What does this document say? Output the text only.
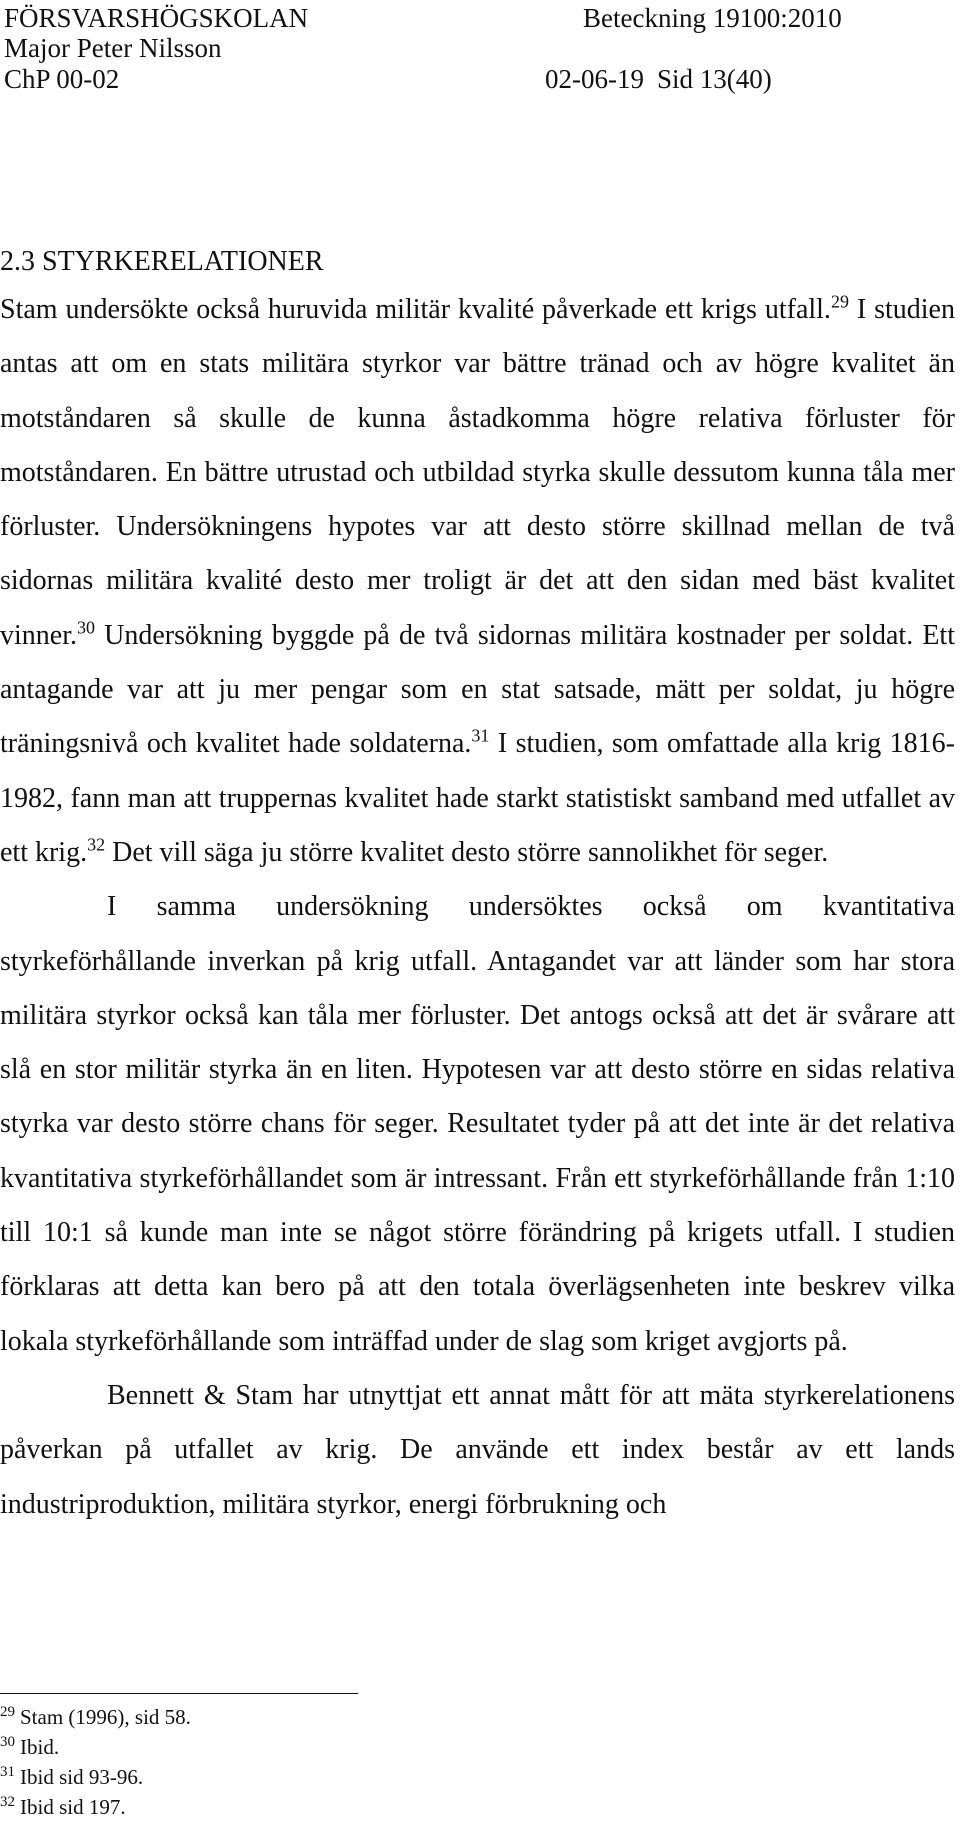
FÖRSVARSHÖGSKOLAN	Beteckning 19100:2010
Major Peter Nilsson
ChP 00-02	02-06-19 Sid 13(40)
2.3 STYRKERELATIONER

Stam undersökte också huruvida militär kvalité påverkade ett krigs utfall.$^{29}$ I studien antas att om en stats militära styrkor var bättre tränad och av högre kvalitet än motståndaren så skulle de kunna åstadkomma högre relativa förluster för motståndaren. En bättre utrustad och utbildad styrka skulle dessutom kunna tåla mer förluster. Undersökningens hypotes var att desto större skillnad mellan de två sidornas militära kvalité desto mer troligt är det att den sidan med bäst kvalitet vinner.$^{30}$ Undersökning byggde på de två sidornas militära kostnader per soldat. Ett antagande var att ju mer pengar som en stat satsade, mätt per soldat, ju högre träningsnivå och kvalitet hade soldaterna.$^{31}$ I studien, som omfattade alla krig 1816-1982, fann man att truppernas kvalitet hade starkt statistiskt samband med utfallet av ett krig.$^{32}$ Det vill säga ju större kvalitet desto större sannolikhet för seger.

I samma undersökning undersöktes också om kvantitativa styrkeförhållande inverkan på krig utfall. Antagandet var att länder som har stora militära styrkor också kan tåla mer förluster. Det antogs också att det är svårare att slå en stor militär styrka än en liten. Hypotesen var att desto större en sidas relativa styrka var desto större chans för seger. Resultatet tyder på att det inte är det relativa kvantitativa styrkeförhållandet som är intressant. Från ett styrkeförhållande från 1:10 till 10:1 så kunde man inte se något större förändring på krigets utfall. I studien förklaras att detta kan bero på att den totala överlägsenheten inte beskrev vilka lokala styrkeförhållande som inträffad under de slag som kriget avgjorts på.

Bennett & Stam har utnyttjat ett annat mått för att mäta styrkerelationens påverkan på utfallet av krig. De använde ett index består av ett lands industriproduktion, militära styrkor, energi förbrukning och

$^{29}$ Stam (1996), sid 58.
$^{30}$ Ibid.
$^{31}$ Ibid sid 93-96.
$^{32}$ Ibid sid 197.
